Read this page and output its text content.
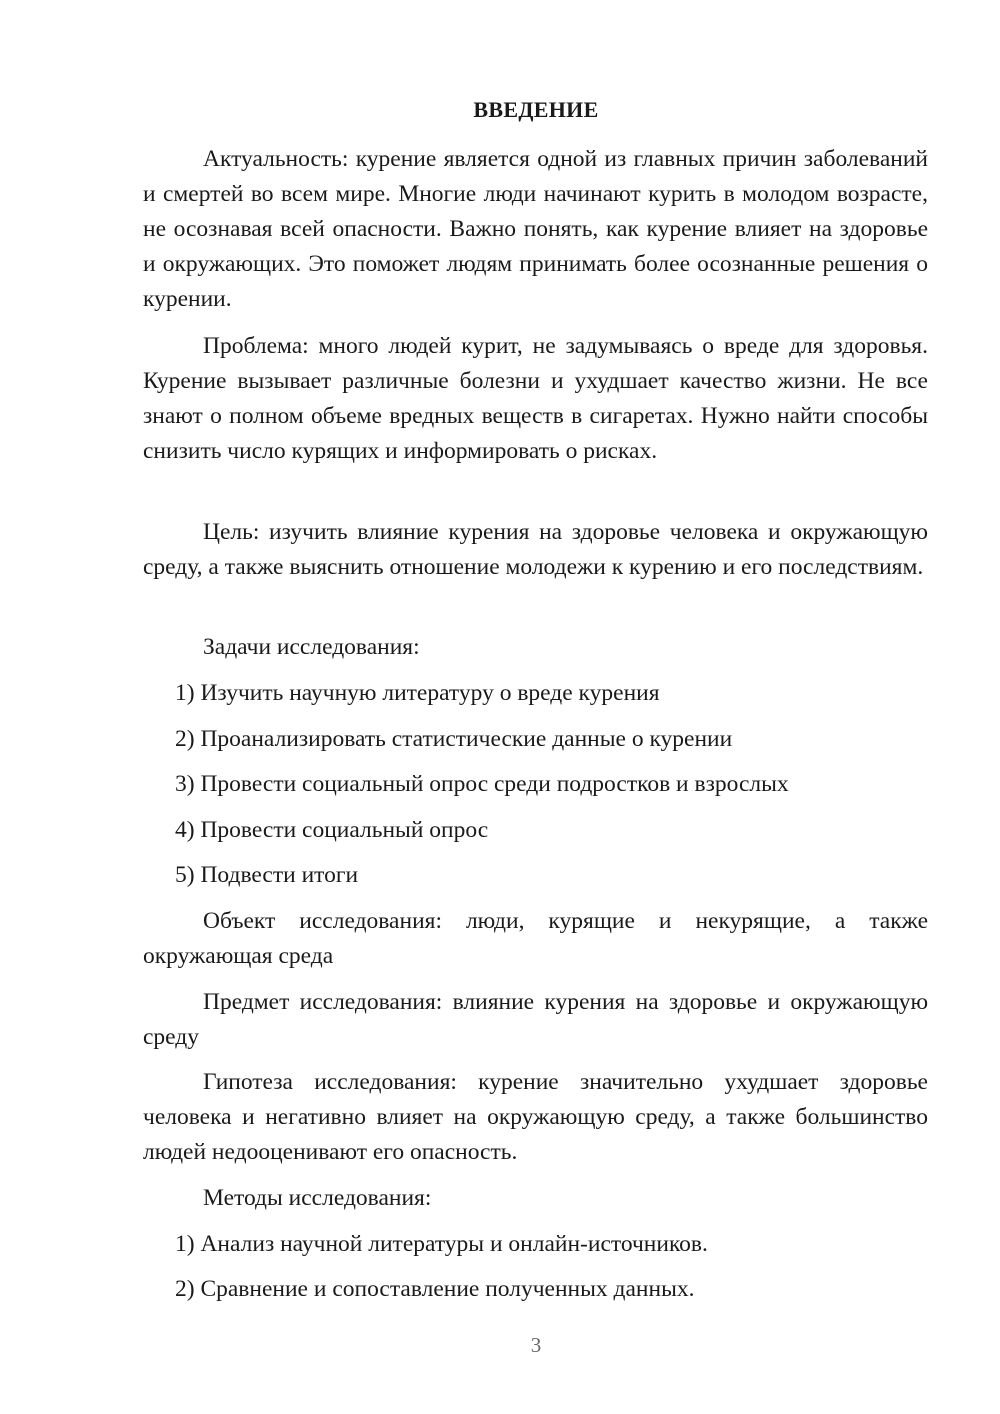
ВВЕДЕНИЕ

Актуальность: курение является одной из главных причин заболеваний и смертей во всем мире. Многие люди начинают курить в молодом возрасте, не осознавая всей опасности. Важно понять, как курение влияет на здоровье и окружающих. Это поможет людям принимать более осознанные решения о курении.

Проблема: много людей курит, не задумываясь о вреде для здоровья. Курение вызывает различные болезни и ухудшает качество жизни. Не все знают о полном объеме вредных веществ в сигаретах. Нужно найти способы снизить число курящих и информировать о рисках.

Цель: изучить влияние курения на здоровье человека и окружающую среду, а также выяснить отношение молодежи к курению и его последствиям.

Задачи исследования:

1) Изучить научную литературу о вреде курения

2) Проанализировать статистические данные о курении

3) Провести социальный опрос среди подростков и взрослых

4) Провести социальный опрос

5) Подвести итоги

Объект исследования: люди, курящие и некурящие, а также окружающая среда

Предмет исследования: влияние курения на здоровье и окружающую среду

Гипотеза исследования: курение значительно ухудшает здоровье человека и негативно влияет на окружающую среду, а также большинство людей недооценивают его опасность.

Методы исследования:

1) Анализ научной литературы и онлайн-источников.

2) Сравнение и сопоставление полученных данных.

3
